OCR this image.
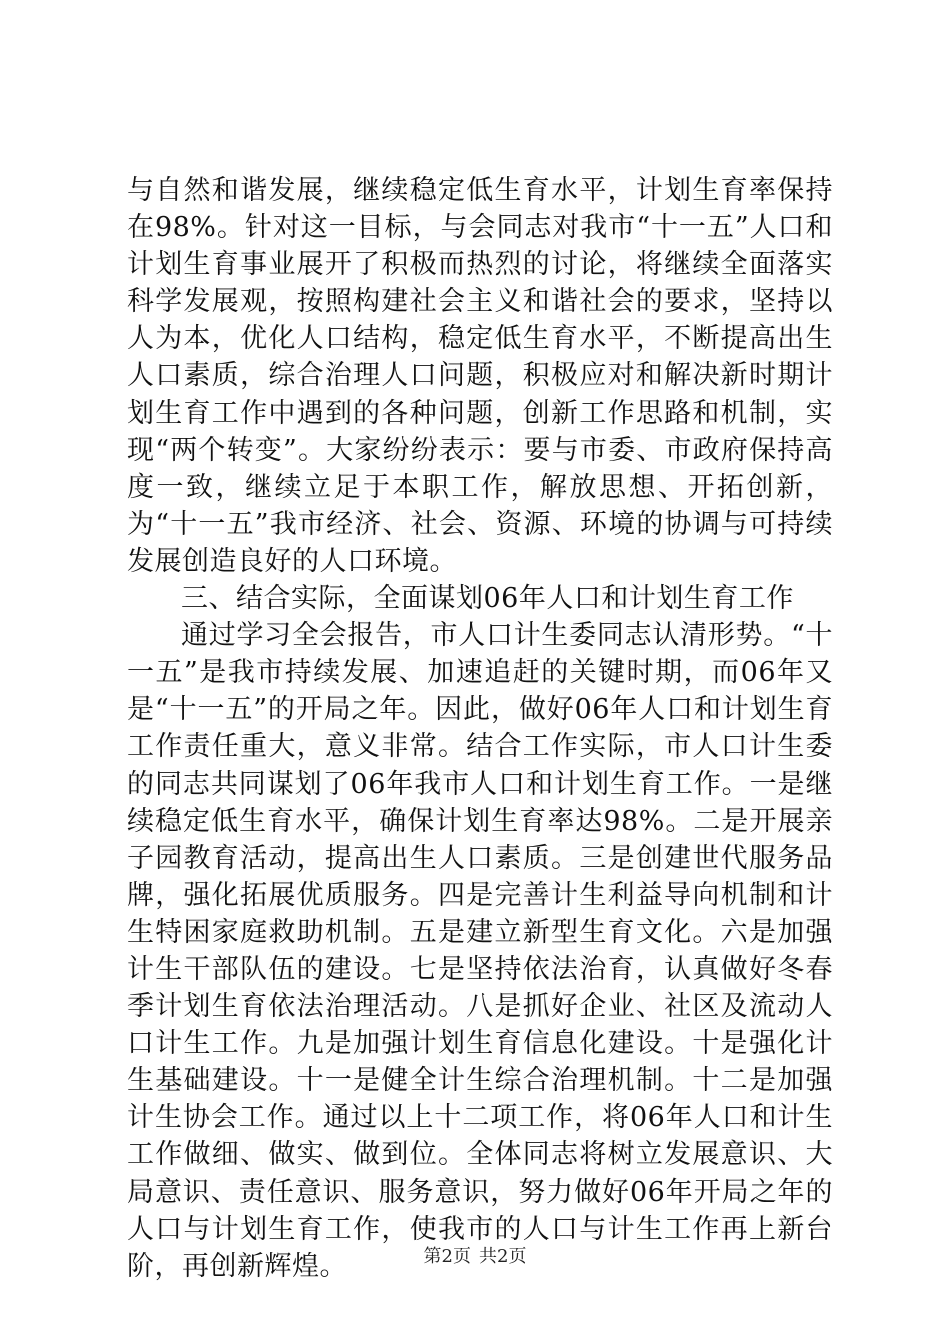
与自然和谐发展，继续稳定低生育水平，计划生育率保持在98%。针对这一目标，与会同志对我市“十一五”人口和计划生育事业展开了积极而热烈的讨论，将继续全面落实科学发展观，按照构建社会主义和谐社会的要求，坚持以人为本，优化人口结构，稳定低生育水平，不断提高出生人口素质，综合治理人口问题，积极应对和解决新时期计划生育工作中遇到的各种问题，创新工作思路和机制，实现“两个转变”。大家纷纷表示：要与市委、市政府保持高度一致，继续立足于本职工作，解放思想、开拓创新，为“十一五”我市经济、社会、资源、环境的协调与可持续发展创造良好的人口环境。

三、结合实际，全面谋划06年人口和计划生育工作

通过学习全会报告，市人口计生委同志认清形势。“十一五”是我市持续发展、加速追赶的关键时期，而06年又是“十一五”的开局之年。因此，做好06年人口和计划生育工作责任重大，意义非常。结合工作实际，市人口计生委的同志共同谋划了06年我市人口和计划生育工作。一是继续稳定低生育水平，确保计划生育率达98%。二是开展亲子园教育活动，提高出生人口素质。三是创建世代服务品牌，强化拓展优质服务。四是完善计生利益导向机制和计生特困家庭救助机制。五是建立新型生育文化。六是加强计生干部队伍的建设。七是坚持依法治育，认真做好冬春季计划生育依法治理活动。八是抓好企业、社区及流动人口计生工作。九是加强计划生育信息化建设。十是强化计生基础建设。十一是健全计生综合治理机制。十二是加强计生协会工作。通过以上十二项工作，将06年人口和计生工作做细、做实、做到位。全体同志将树立发展意识、大局意识、责任意识、服务意识，努力做好06年开局之年的人口与计划生育工作，使我市的人口与计生工作再上新台阶，再创新辉煌。	第2页 共2页
